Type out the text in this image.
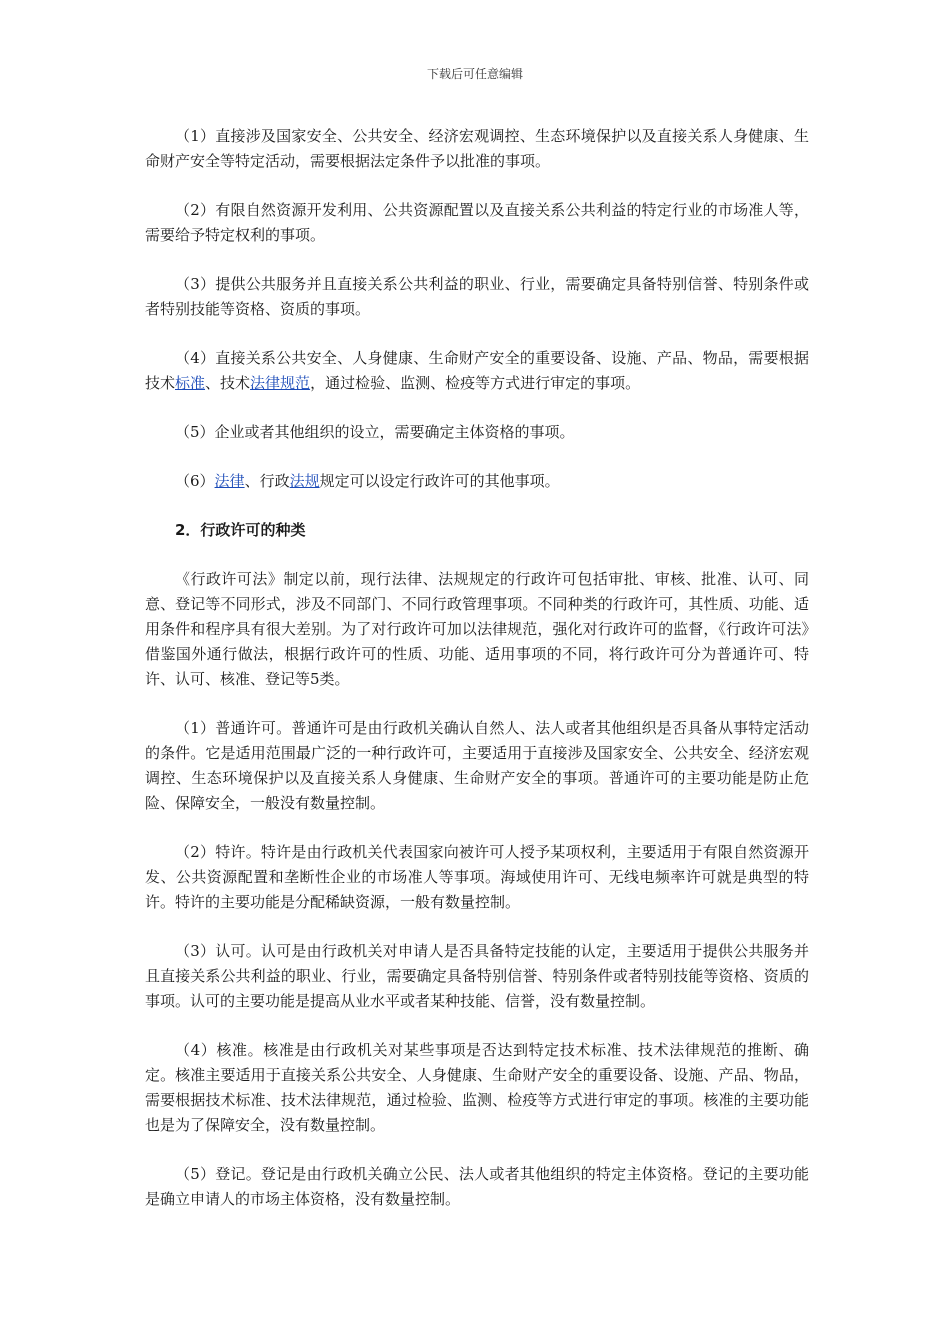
下载后可任意编辑

（1）直接涉及国家安全、公共安全、经济宏观调控、生态环境保护以及直接关系人身健康、生命财产安全等特定活动，需要根据法定条件予以批准的事项。

（2）有限自然资源开发利用、公共资源配置以及直接关系公共利益的特定行业的市场准人等，需要给予特定权利的事项。

（3）提供公共服务并且直接关系公共利益的职业、行业，需要确定具备特别信誉、特别条件或者特别技能等资格、资质的事项。

（4）直接关系公共安全、人身健康、生命财产安全的重要设备、设施、产品、物品，需要根据技术标准、技术法律规范，通过检验、监测、检疫等方式进行审定的事项。

（5）企业或者其他组织的设立，需要确定主体资格的事项。

（6）法律、行政法规规定可以设定行政许可的其他事项。

2．行政许可的种类

《行政许可法》制定以前，现行法律、法规规定的行政许可包括审批、审核、批准、认可、同意、登记等不同形式，涉及不同部门、不同行政管理事项。不同种类的行政许可，其性质、功能、适用条件和程序具有很大差别。为了对行政许可加以法律规范，强化对行政许可的监督，《行政许可法》借鉴国外通行做法，根据行政许可的性质、功能、适用事项的不同，将行政许可分为普通许可、特许、认可、核准、登记等5类。

（1）普通许可。普通许可是由行政机关确认自然人、法人或者其他组织是否具备从事特定活动的条件。它是适用范围最广泛的一种行政许可，主要适用于直接涉及国家安全、公共安全、经济宏观调控、生态环境保护以及直接关系人身健康、生命财产安全的事项。普通许可的主要功能是防止危险、保障安全，一般没有数量控制。

（2）特许。特许是由行政机关代表国家向被许可人授予某项权利，主要适用于有限自然资源开发、公共资源配置和垄断性企业的市场准人等事项。海域使用许可、无线电频率许可就是典型的特许。特许的主要功能是分配稀缺资源，一般有数量控制。

（3）认可。认可是由行政机关对申请人是否具备特定技能的认定，主要适用于提供公共服务并且直接关系公共利益的职业、行业，需要确定具备特别信誉、特别条件或者特别技能等资格、资质的事项。认可的主要功能是提高从业水平或者某种技能、信誉，没有数量控制。

（4）核准。核准是由行政机关对某些事项是否达到特定技术标准、技术法律规范的推断、确定。核准主要适用于直接关系公共安全、人身健康、生命财产安全的重要设备、设施、产品、物品，需要根据技术标准、技术法律规范，通过检验、监测、检疫等方式进行审定的事项。核准的主要功能也是为了保障安全，没有数量控制。

（5）登记。登记是由行政机关确立公民、法人或者其他组织的特定主体资格。登记的主要功能是确立申请人的市场主体资格，没有数量控制。
